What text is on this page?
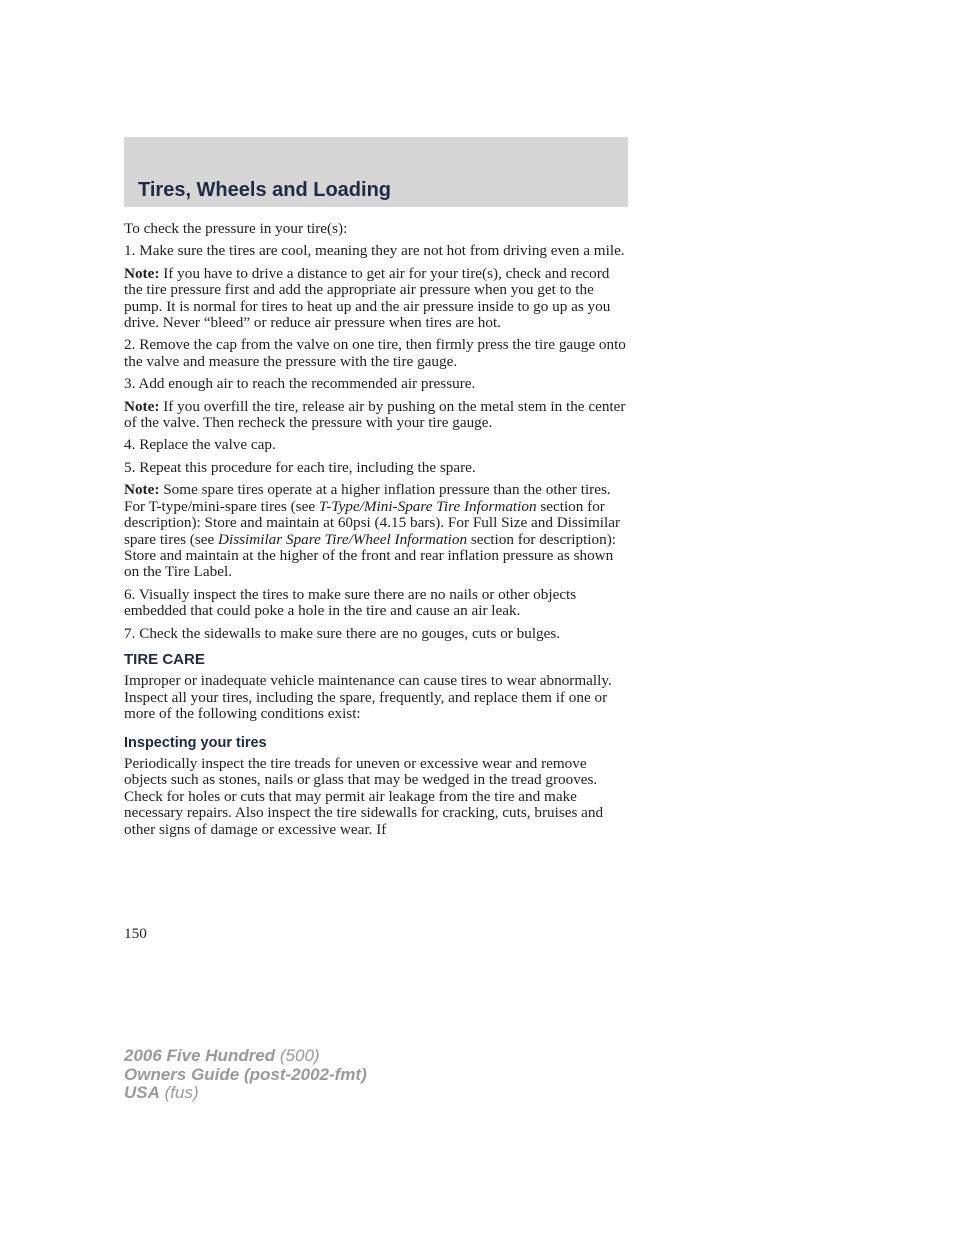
Tires, Wheels and Loading

To check the pressure in your tire(s):

1. Make sure the tires are cool, meaning they are not hot from driving even a mile.

Note: If you have to drive a distance to get air for your tire(s), check and record the tire pressure first and add the appropriate air pressure when you get to the pump. It is normal for tires to heat up and the air pressure inside to go up as you drive. Never “bleed” or reduce air pressure when tires are hot.

2. Remove the cap from the valve on one tire, then firmly press the tire gauge onto the valve and measure the pressure with the tire gauge.

3. Add enough air to reach the recommended air pressure.

Note: If you overfill the tire, release air by pushing on the metal stem in the center of the valve. Then recheck the pressure with your tire gauge.

4. Replace the valve cap.

5. Repeat this procedure for each tire, including the spare.

Note: Some spare tires operate at a higher inflation pressure than the other tires. For T-type/mini-spare tires (see T-Type/Mini-Spare Tire Information section for description): Store and maintain at 60psi (4.15 bars). For Full Size and Dissimilar spare tires (see Dissimilar Spare Tire/Wheel Information section for description): Store and maintain at the higher of the front and rear inflation pressure as shown on the Tire Label.

6. Visually inspect the tires to make sure there are no nails or other objects embedded that could poke a hole in the tire and cause an air leak.

7. Check the sidewalls to make sure there are no gouges, cuts or bulges.

TIRE CARE

Improper or inadequate vehicle maintenance can cause tires to wear abnormally. Inspect all your tires, including the spare, frequently, and replace them if one or more of the following conditions exist:

Inspecting your tires

Periodically inspect the tire treads for uneven or excessive wear and remove objects such as stones, nails or glass that may be wedged in the tread grooves. Check for holes or cuts that may permit air leakage from the tire and make necessary repairs. Also inspect the tire sidewalls for cracking, cuts, bruises and other signs of damage or excessive wear. If

150
2006 Five Hundred (500)
Owners Guide (post-2002-fmt)
USA (fus)
